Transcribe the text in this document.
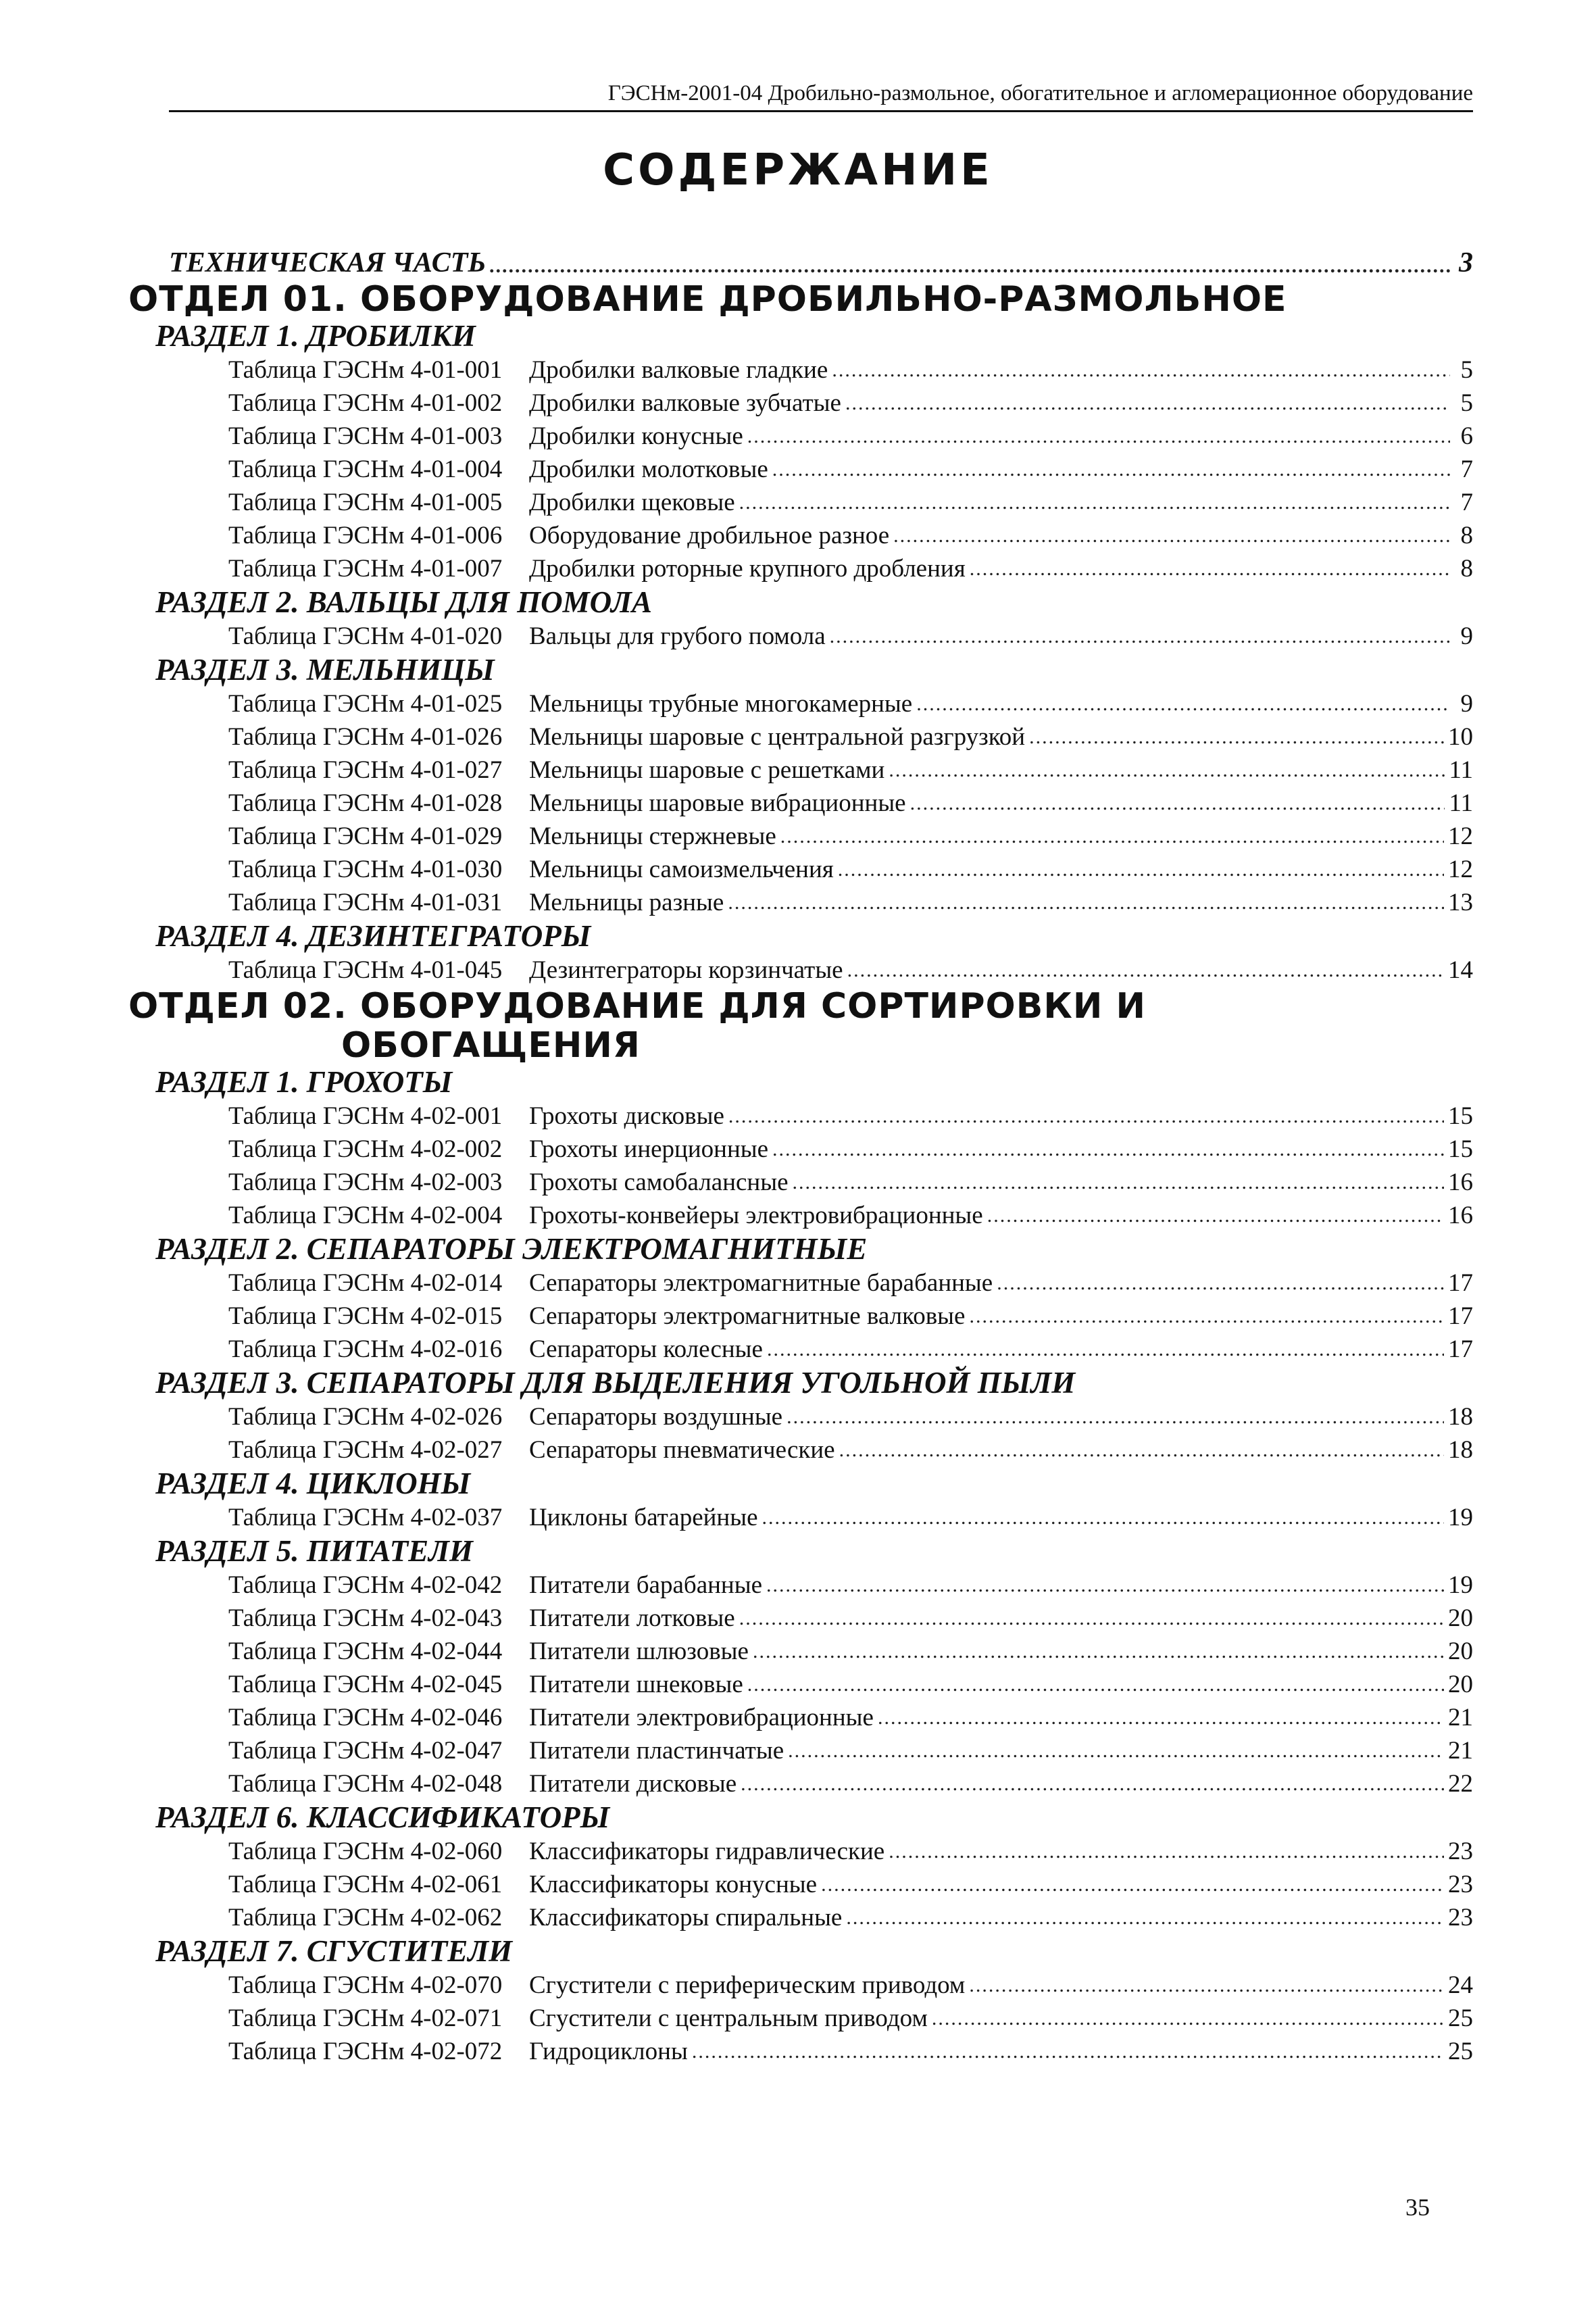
ГЭСНм-2001-04 Дробильно-размольное, обогатительное и агломерационное оборудование
СОДЕРЖАНИЕ
ТЕХНИЧЕСКАЯ ЧАСТЬ .....	3
ОТДЕЛ 01. ОБОРУДОВАНИЕ ДРОБИЛЬНО-РАЗМОЛЬНОЕ
РАЗДЕЛ 1. ДРОБИЛКИ
Таблица ГЭСНм 4-01-001	Дробилки валковые гладкие .....	5
Таблица ГЭСНм 4-01-002	Дробилки валковые зубчатые .....	5
Таблица ГЭСНм 4-01-003	Дробилки конусные .....	6
Таблица ГЭСНм 4-01-004	Дробилки молотковые .....	7
Таблица ГЭСНм 4-01-005	Дробилки щековые .....	7
Таблица ГЭСНм 4-01-006	Оборудование дробильное разное .....	8
Таблица ГЭСНм 4-01-007	Дробилки роторные крупного дробления .....	8
РАЗДЕЛ 2. ВАЛЬЦЫ ДЛЯ ПОМОЛА
Таблица ГЭСНм 4-01-020	Вальцы для грубого помола .....	9
РАЗДЕЛ 3. МЕЛЬНИЦЫ
Таблица ГЭСНм 4-01-025	Мельницы трубные многокамерные .....	9
Таблица ГЭСНм 4-01-026	Мельницы шаровые с центральной разгрузкой .....	10
Таблица ГЭСНм 4-01-027	Мельницы шаровые с решетками .....	11
Таблица ГЭСНм 4-01-028	Мельницы шаровые вибрационные .....	11
Таблица ГЭСНм 4-01-029	Мельницы стержневые .....	12
Таблица ГЭСНм 4-01-030	Мельницы самоизмельчения .....	12
Таблица ГЭСНм 4-01-031	Мельницы разные .....	13
РАЗДЕЛ 4. ДЕЗИНТЕГРАТОРЫ
Таблица ГЭСНм 4-01-045	Дезинтеграторы корзинчатые .....	14
ОТДЕЛ 02. ОБОРУДОВАНИЕ ДЛЯ СОРТИРОВКИ И
ОБОГАЩЕНИЯ
РАЗДЕЛ 1. ГРОХОТЫ
Таблица ГЭСНм 4-02-001	Грохоты дисковые .....	15
Таблица ГЭСНм 4-02-002	Грохоты инерционные .....	15
Таблица ГЭСНм 4-02-003	Грохоты самобалансные .....	16
Таблица ГЭСНм 4-02-004	Грохоты-конвейеры электровибрационные .....	16
РАЗДЕЛ 2. СЕПАРАТОРЫ ЭЛЕКТРОМАГНИТНЫЕ
Таблица ГЭСНм 4-02-014	Сепараторы электромагнитные барабанные .....	17
Таблица ГЭСНм 4-02-015	Сепараторы электромагнитные валковые .....	17
Таблица ГЭСНм 4-02-016	Сепараторы колесные .....	17
РАЗДЕЛ 3. СЕПАРАТОРЫ ДЛЯ ВЫДЕЛЕНИЯ УГОЛЬНОЙ ПЫЛИ
Таблица ГЭСНм 4-02-026	Сепараторы воздушные .....	18
Таблица ГЭСНм 4-02-027	Сепараторы пневматические .....	18
РАЗДЕЛ 4. ЦИКЛОНЫ
Таблица ГЭСНм 4-02-037	Циклоны батарейные .....	19
РАЗДЕЛ 5. ПИТАТЕЛИ
Таблица ГЭСНм 4-02-042	Питатели барабанные .....	19
Таблица ГЭСНм 4-02-043	Питатели лотковые .....	20
Таблица ГЭСНм 4-02-044	Питатели шлюзовые .....	20
Таблица ГЭСНм 4-02-045	Питатели шнековые .....	20
Таблица ГЭСНм 4-02-046	Питатели электровибрационные .....	21
Таблица ГЭСНм 4-02-047	Питатели пластинчатые .....	21
Таблица ГЭСНм 4-02-048	Питатели дисковые .....	22
РАЗДЕЛ 6. КЛАССИФИКАТОРЫ
Таблица ГЭСНм 4-02-060	Классификаторы гидравлические .....	23
Таблица ГЭСНм 4-02-061	Классификаторы конусные .....	23
Таблица ГЭСНм 4-02-062	Классификаторы спиральные .....	23
РАЗДЕЛ 7. СГУСТИТЕЛИ
Таблица ГЭСНм 4-02-070	Сгустители с периферическим приводом .....	24
Таблица ГЭСНм 4-02-071	Сгустители с центральным приводом .....	25
Таблица ГЭСНм 4-02-072	Гидроциклоны .....	25
35
